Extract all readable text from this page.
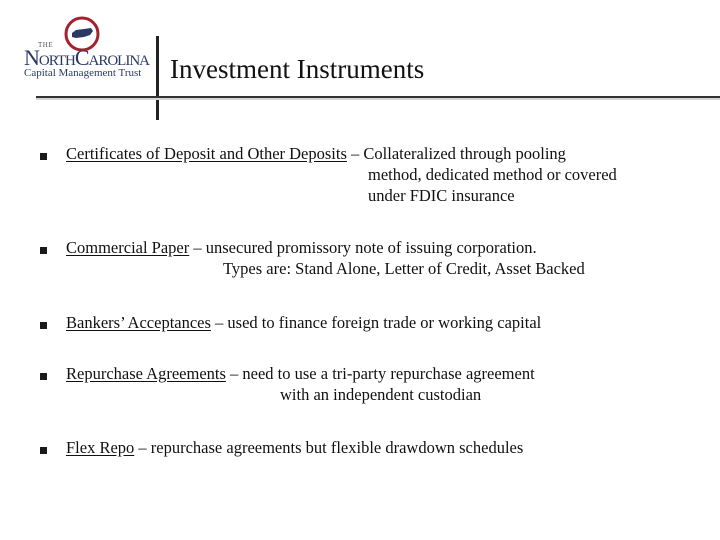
THE
NORTHCAROLINA
Capital Management Trust Investment Instruments
Certificates of Deposit and Other Deposits – Collateralized through pooling
method, dedicated method or covered
under FDIC insurance
Commercial Paper – unsecured promissory note of issuing corporation.
Types are: Stand Alone, Letter of Credit, Asset Backed
Bankers’ Acceptances – used to finance foreign trade or working capital
Repurchase Agreements – need to use a tri-party repurchase agreement
with an independent custodian
Flex Repo – repurchase agreements but flexible drawdown schedules
